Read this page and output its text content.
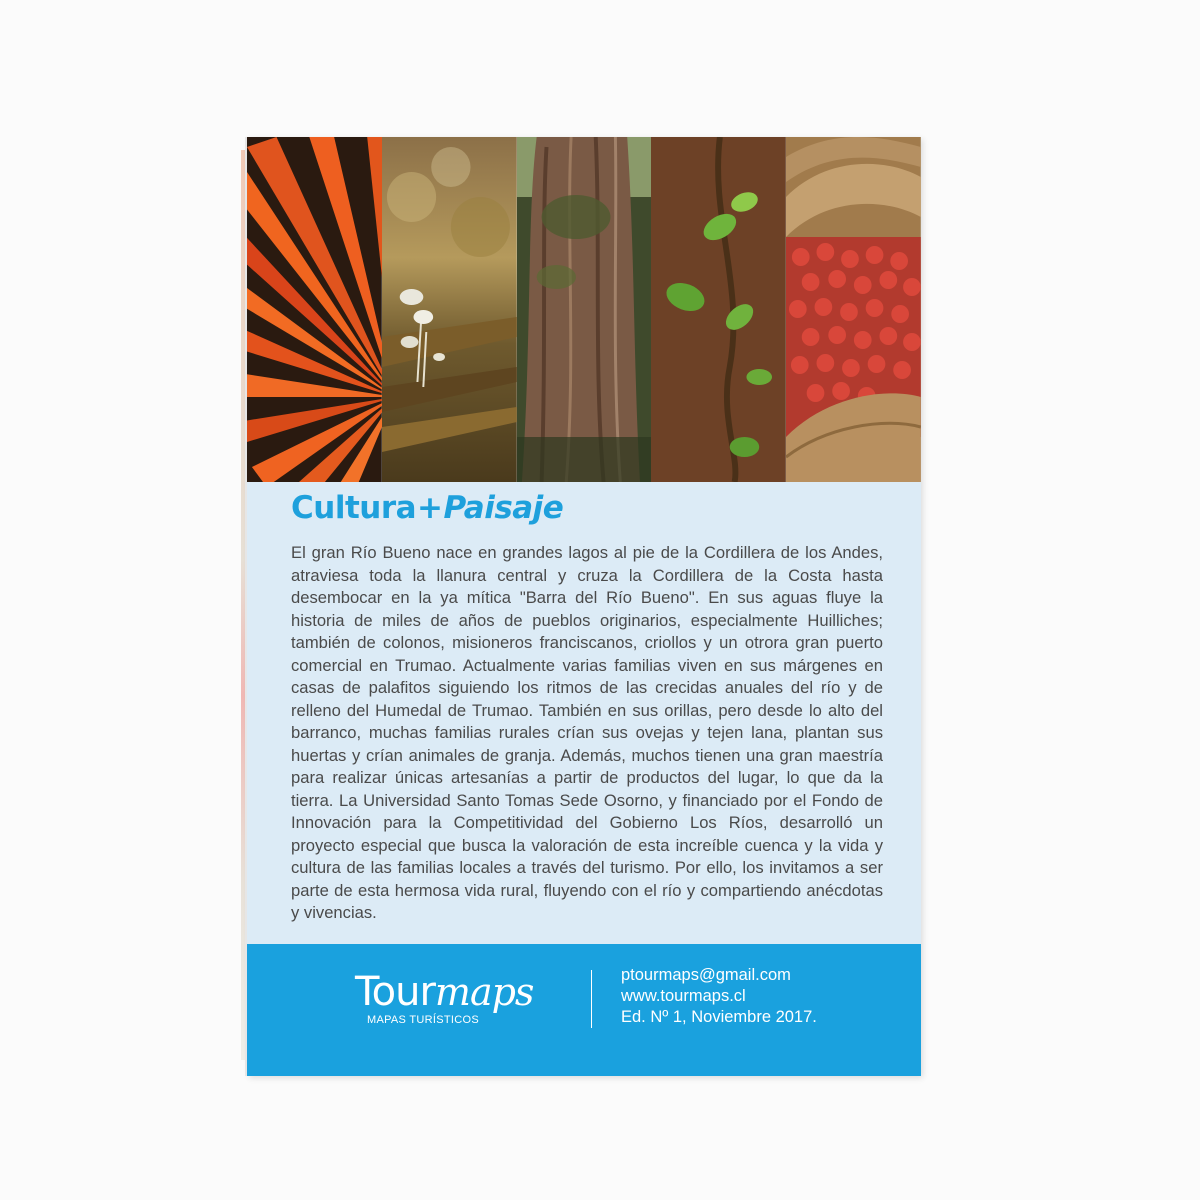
Cultura+Paisaje
El gran Río Bueno nace en grandes lagos al pie de la Cordillera de los Andes, atraviesa toda la llanura central y cruza la Cordillera de la Costa hasta desembocar en la ya mítica "Barra del Río Bueno". En sus aguas fluye la historia de miles de años de pueblos originarios, especialmente Huilliches; también de colonos, misioneros franciscanos, criollos y un otrora gran puerto comercial en Trumao. Actualmente varias familias viven en sus márgenes en casas de palafitos siguiendo los ritmos de las crecidas anuales del río y de relleno del Humedal de Trumao. También en sus orillas, pero desde lo alto del barranco, muchas familias rurales crían sus ovejas y tejen lana, plantan sus huertas y crían animales de granja. Además, muchos tienen una gran maestría para realizar únicas artesanías a partir de productos del lugar, lo que da la tierra. La Universidad Santo Tomas Sede Osorno, y financiado por el Fondo de Innovación para la Competitividad del Gobierno Los Ríos, desarrolló un proyecto especial que busca la valoración de esta increíble cuenca y la vida y cultura de las familias locales a través del turismo. Por ello, los invitamos a ser parte de esta hermosa vida rural, fluyendo con el río y compartiendo anécdotas y vivencias.
Tourmaps
MAPAS TURÍSTICOS
ptourmaps@gmail.com
www.tourmaps.cl
Ed. Nº 1, Noviembre 2017.
